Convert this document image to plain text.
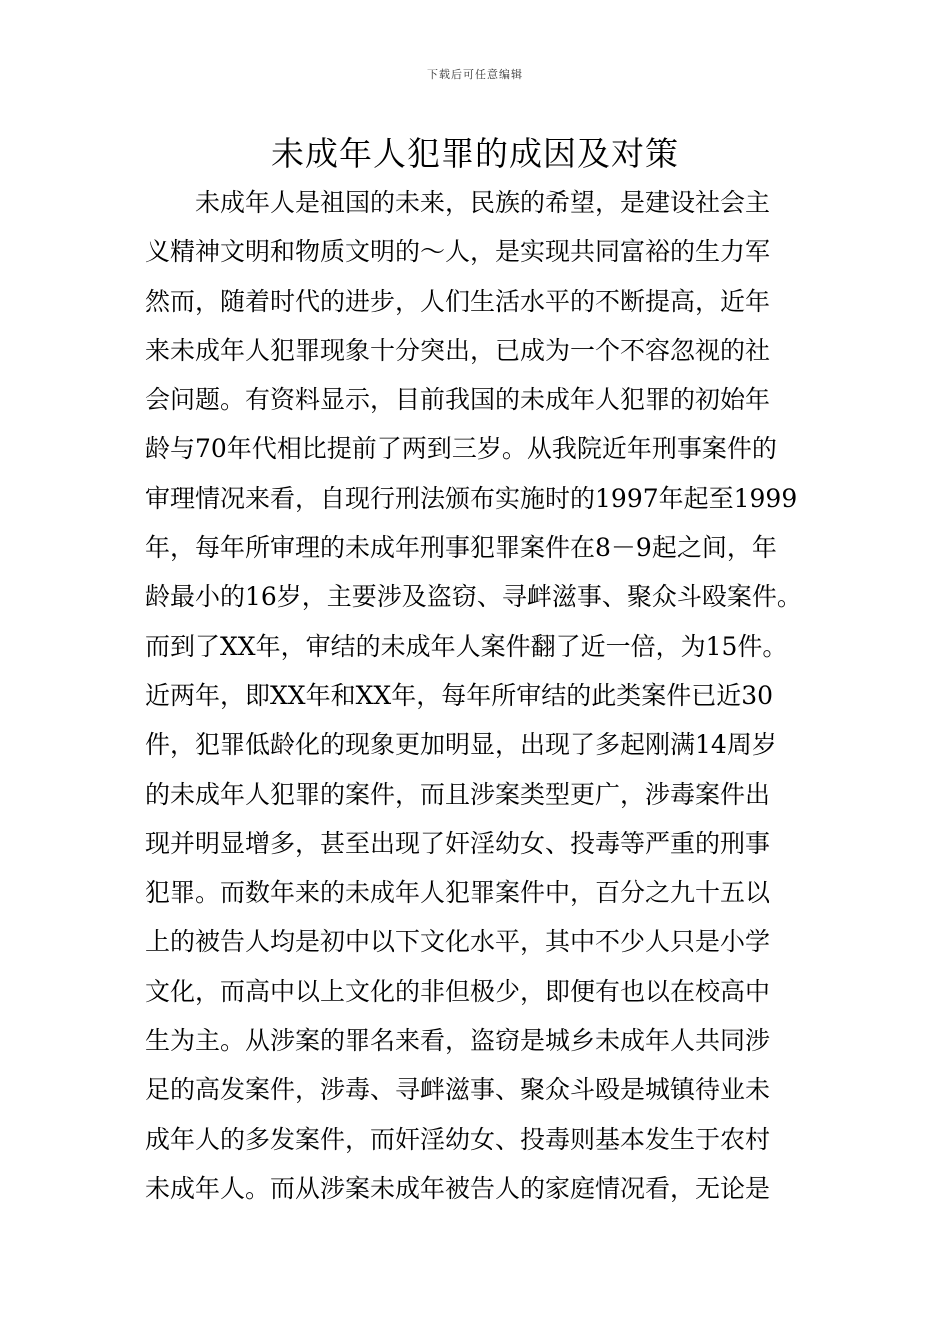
下载后可任意编辑
未成年人犯罪的成因及对策
未成年人是祖国的未来，民族的希望，是建设社会主
义精神文明和物质文明的～人，是实现共同富裕的生力军
然而，随着时代的进步，人们生活水平的不断提高，近年
来未成年人犯罪现象十分突出，已成为一个不容忽视的社
会问题。有资料显示，目前我国的未成年人犯罪的初始年
龄与70年代相比提前了两到三岁。从我院近年刑事案件的
审理情况来看，自现行刑法颁布实施时的1997年起至1999
年，每年所审理的未成年刑事犯罪案件在8－9起之间，年
龄最小的16岁，主要涉及盗窃、寻衅滋事、聚众斗殴案件。
而到了XX年，审结的未成年人案件翻了近一倍，为15件。
近两年，即XX年和XX年，每年所审结的此类案件已近30
件，犯罪低龄化的现象更加明显，出现了多起刚满14周岁
的未成年人犯罪的案件，而且涉案类型更广，涉毒案件出
现并明显增多，甚至出现了奸淫幼女、投毒等严重的刑事
犯罪。而数年来的未成年人犯罪案件中，百分之九十五以
上的被告人均是初中以下文化水平，其中不少人只是小学
文化，而高中以上文化的非但极少，即便有也以在校高中
生为主。从涉案的罪名来看，盗窃是城乡未成年人共同涉
足的高发案件，涉毒、寻衅滋事、聚众斗殴是城镇待业未
成年人的多发案件，而奸淫幼女、投毒则基本发生于农村
未成年人。而从涉案未成年被告人的家庭情况看，无论是
